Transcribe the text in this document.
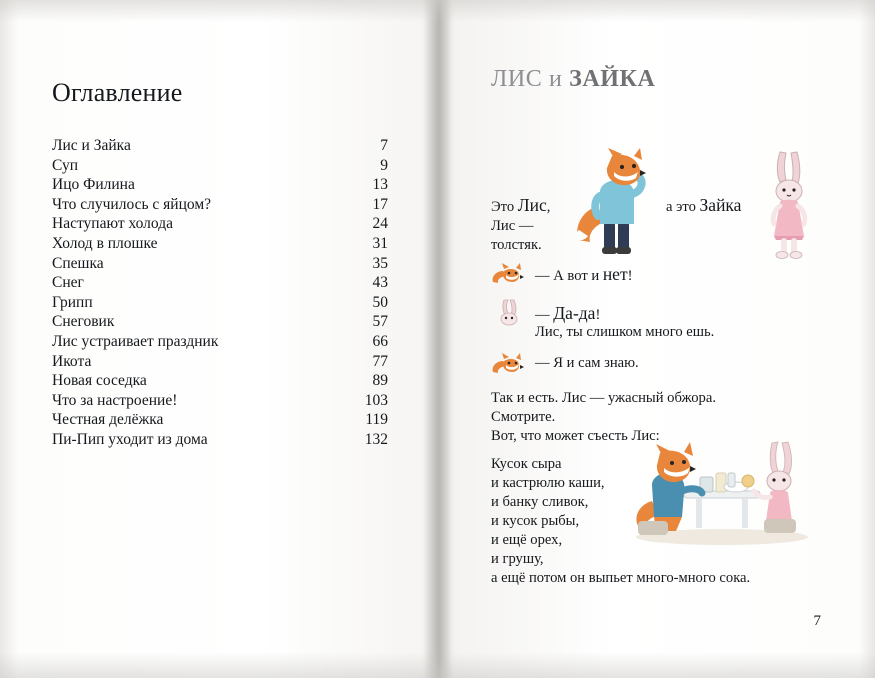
Оглавление
Лис и Зайка	7
Суп	9
Ицо Филина	13
Что случилось с яйцом?	17
Наступают холода	24
Холод в плошке	31
Спешка	35
Снег	43
Грипп	50
Снеговик	57
Лис устраивает праздник	66
Икота	77
Новая соседка	89
Что за настроение!	103
Честная делёжка	119
Пи-Пип уходит из дома	132
ЛИС и ЗАЙКА
Это Лис,
Лис —
толстяк.
а это Зайка
— А вот и нет!
— Да-да!
Лис, ты слишком много ешь.
— Я и сам знаю.
Так и есть. Лис — ужасный обжора.
Смотрите.
Вот, что может съесть Лис:
Кусок сыра
и кастрюлю каши,
и банку сливок,
и кусок рыбы,
и ещё орех,
и грушу,
а ещё потом он выпьет много-много сока.
7
